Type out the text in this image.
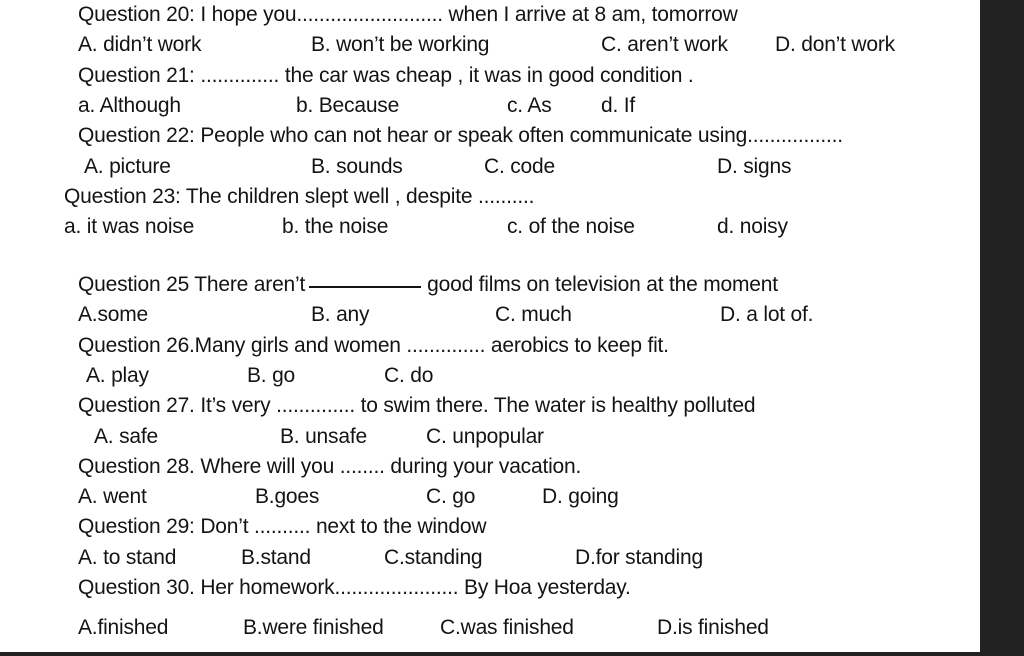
Question 20: I hope you.......................... when I arrive at 8 am, tomorrow
A. didn’t work	B. won’t be working	C. aren’t work D. don’t work
Question 21: .............. the car was cheap , it was in good condition .
a. Although	b. Because	c. As d. If
Question 22: People who can not hear or speak often communicate using.................
A. picture	B. sounds	C. code	D. signs
Question 23: The children slept well , despite ..........
a. it was noise	b. the noise	c. of the noise	d. noisy
Question 25 There aren’t	good films on television at the moment
A.some	B. any	C. much	D. a lot of.
Question 26.Many girls and women .............. aerobics to keep fit.
A. play	B. go	C. do
Question 27. It’s very .............. to swim there. The water is healthy polluted
A. safe	B. unsafe	C. unpopular
Question 28. Where will you ........ during your vacation.
A. went	B.goes	C. go	D. going
Question 29: Don’t .......... next to the window
A. to stand	B.stand	C.standing	D.for standing
Question 30. Her homework...................... By Hoa yesterday.
A.finished	B.were finished	C.was finished	D.is finished
